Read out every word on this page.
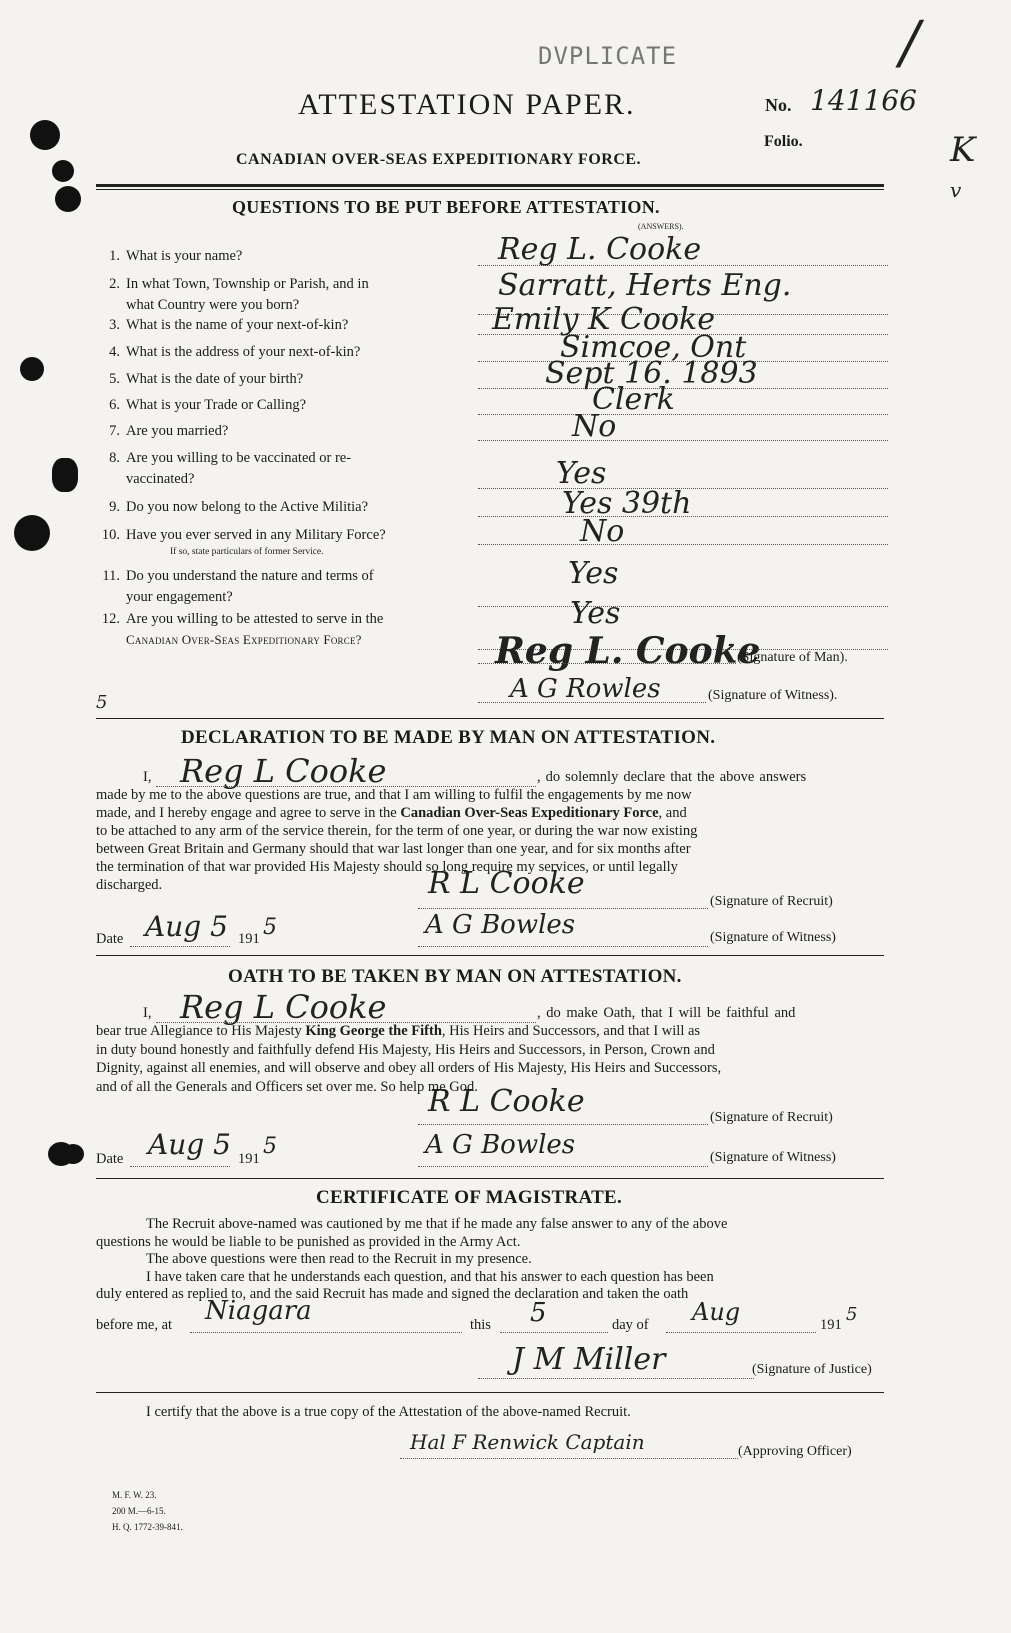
DVPLICATE	/
K
v
ATTESTATION PAPER.	No. 141166
Folio.
CANADIAN OVER-SEAS EXPEDITIONARY FORCE.
QUESTIONS TO BE PUT BEFORE ATTESTATION.
(ANSWERS).
1. What is your name?	Reg L. Cooke
2. In what Town, Township or Parish, and in
what Country were you born?
Sarratt, Herts Eng.
3. What is the name of your next-of-kin?	Emily K Cooke
4. What is the address of your next-of-kin?	Simcoe, Ont
5. What is the date of your birth?	Sept 16. 1893
6. What is your Trade or Calling?	Clerk
7. Are you married?	No
8. Are you willing to be vaccinated or re-
vaccinated?	Yes
9. Do you now belong to the Active Militia?	Yes 39th
10. Have you ever served in any Military Force?
If so, state particulars of former Service.
No
11. Do you understand the nature and terms of
your engagement?
Yes
12. Are you willing to be attested to serve in the
Canadian Over-Seas Expeditionary Force?
Yes
Reg L. Cooke
(Signature of Man).
A G Rowles	(Signature of Witness).
5
DECLARATION TO BE MADE BY MAN ON ATTESTATION.
I, Reg L Cooke	, do solemnly declare that the above answers
made by me to the above questions are true, and that I am willing to fulfil the engagements by me now
made, and I hereby engage and agree to serve in the Canadian Over-Seas Expeditionary Force, and
to be attached to any arm of the service therein, for the term of one year, or during the war now existing
between Great Britain and Germany should that war last longer than one year, and for six months after
the termination of that war provided His Majesty should so long require my services, or until legally
discharged.	R L Cooke
(Signature of Recruit)
Date Aug 5 191 5	A G Bowles	(Signature of Witness)
OATH TO BE TAKEN BY MAN ON ATTESTATION.
I, Reg L Cooke	, do make Oath, that I will be faithful and
bear true Allegiance to His Majesty King George the Fifth, His Heirs and Successors, and that I will as
in duty bound honestly and faithfully defend His Majesty, His Heirs and Successors, in Person, Crown and
Dignity, against all enemies, and will observe and obey all orders of His Majesty, His Heirs and Successors,
and of all the Generals and Officers set over me. So help me God.
R L Cooke	(Signature of Recruit)
Date Aug 5 191 5	A G Bowles	(Signature of Witness)
CERTIFICATE OF MAGISTRATE.
The Recruit above-named was cautioned by me that if he made any false answer to any of the above
questions he would be liable to be punished as provided in the Army Act.
The above questions were then read to the Recruit in my presence.
I have taken care that he understands each question, and that his answer to each question has been
duly entered as replied to, and the said Recruit has made and signed the declaration and taken the oath
before me, at Niagara	this 5	day of Aug	191 5
J M Miller	(Signature of Justice)
I certify that the above is a true copy of the Attestation of the above-named Recruit.
Hal F Renwick Captain	(Approving Officer)
M. F. W. 23.
200 M.—6-15.
H. Q. 1772-39-841.
